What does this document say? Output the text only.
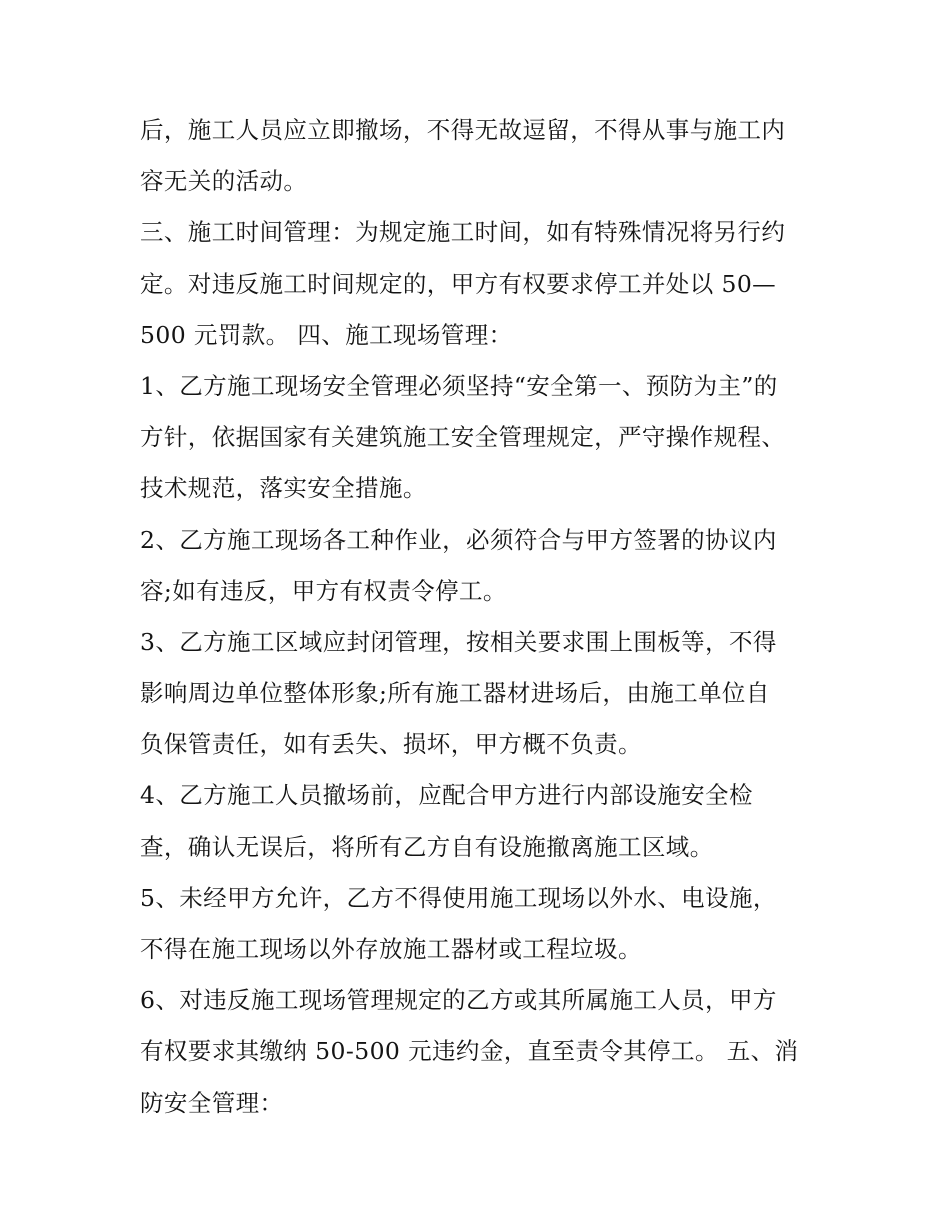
后，施工人员应立即撤场，不得无故逗留，不得从事与施工内
容无关的活动。
三、施工时间管理：为规定施工时间，如有特殊情况将另行约
定。对违反施工时间规定的，甲方有权要求停工并处以 50—
500 元罚款。 四、施工现场管理：
1、乙方施工现场安全管理必须坚持“安全第一、预防为主”的
方针，依据国家有关建筑施工安全管理规定，严守操作规程、
技术规范，落实安全措施。
2、乙方施工现场各工种作业，必须符合与甲方签署的协议内
容;如有违反，甲方有权责令停工。
3、乙方施工区域应封闭管理，按相关要求围上围板等，不得
影响周边单位整体形象;所有施工器材进场后，由施工单位自
负保管责任，如有丢失、损坏，甲方概不负责。
4、乙方施工人员撤场前，应配合甲方进行内部设施安全检
查，确认无误后，将所有乙方自有设施撤离施工区域。
5、未经甲方允许，乙方不得使用施工现场以外水、电设施，
不得在施工现场以外存放施工器材或工程垃圾。
6、对违反施工现场管理规定的乙方或其所属施工人员，甲方
有权要求其缴纳 50-500 元违约金，直至责令其停工。 五、消
防安全管理：
